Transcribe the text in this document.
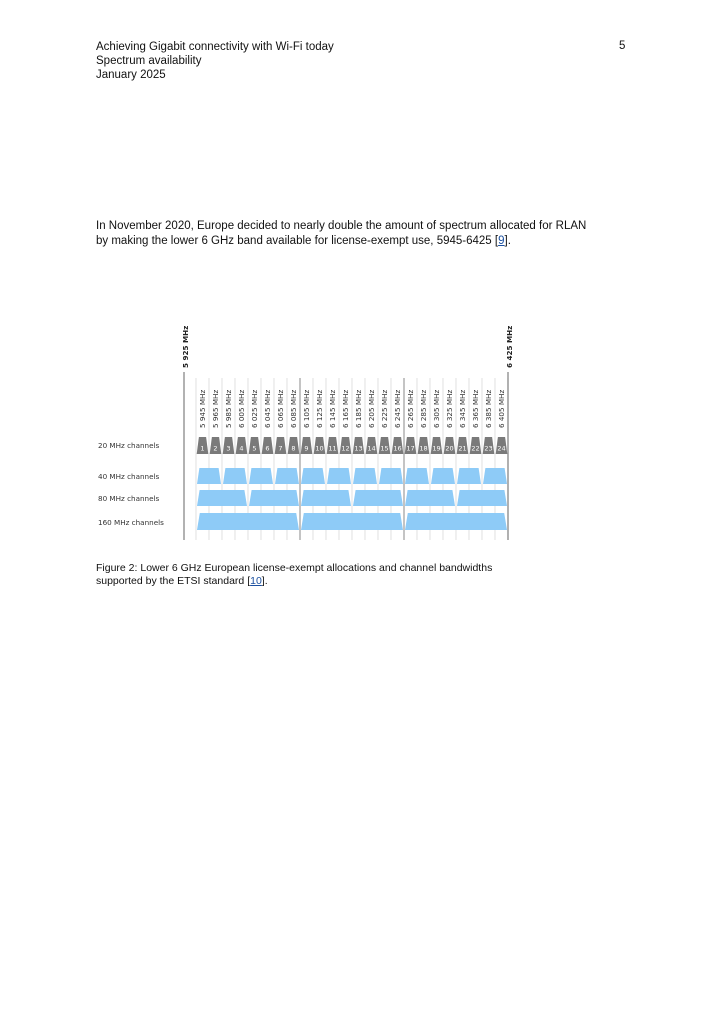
Achieving Gigabit connectivity with Wi-Fi today
Spectrum availability
January 2025
5
In November 2020, Europe decided to nearly double the amount of spectrum allocated for RLAN by making the lower 6 GHz band available for license-exempt use, 5945-6425 [9].
5 925 MHz	6 425 MHz
5 945 MHz 5 965 MHz 5 985 MHz 6 005 MHz 6 025 MHz 6 045 MHz 6 065 MHz 6 085 MHz 6 105 MHz 6 125 MHz 6 145 MHz 6 165 MHz 6 185 MHz 6 205 MHz 6 225 MHz 6 245 MHz 6 265 MHz 6 285 MHz 6 305 MHz 6 325 MHz 6 345 MHz 6 365 MHz 6 385 MHz 6 405 MHz
20 MHz channels
40 MHz channels
80 MHz channels
160 MHz channels
1 2 3 4 5 6 7 8 9 10 11 12 13 14 15 16 17 18 19 20 21 22 23 24
Figure 2: Lower 6 GHz European license-exempt allocations and channel bandwidths supported by the ETSI standard [10].
